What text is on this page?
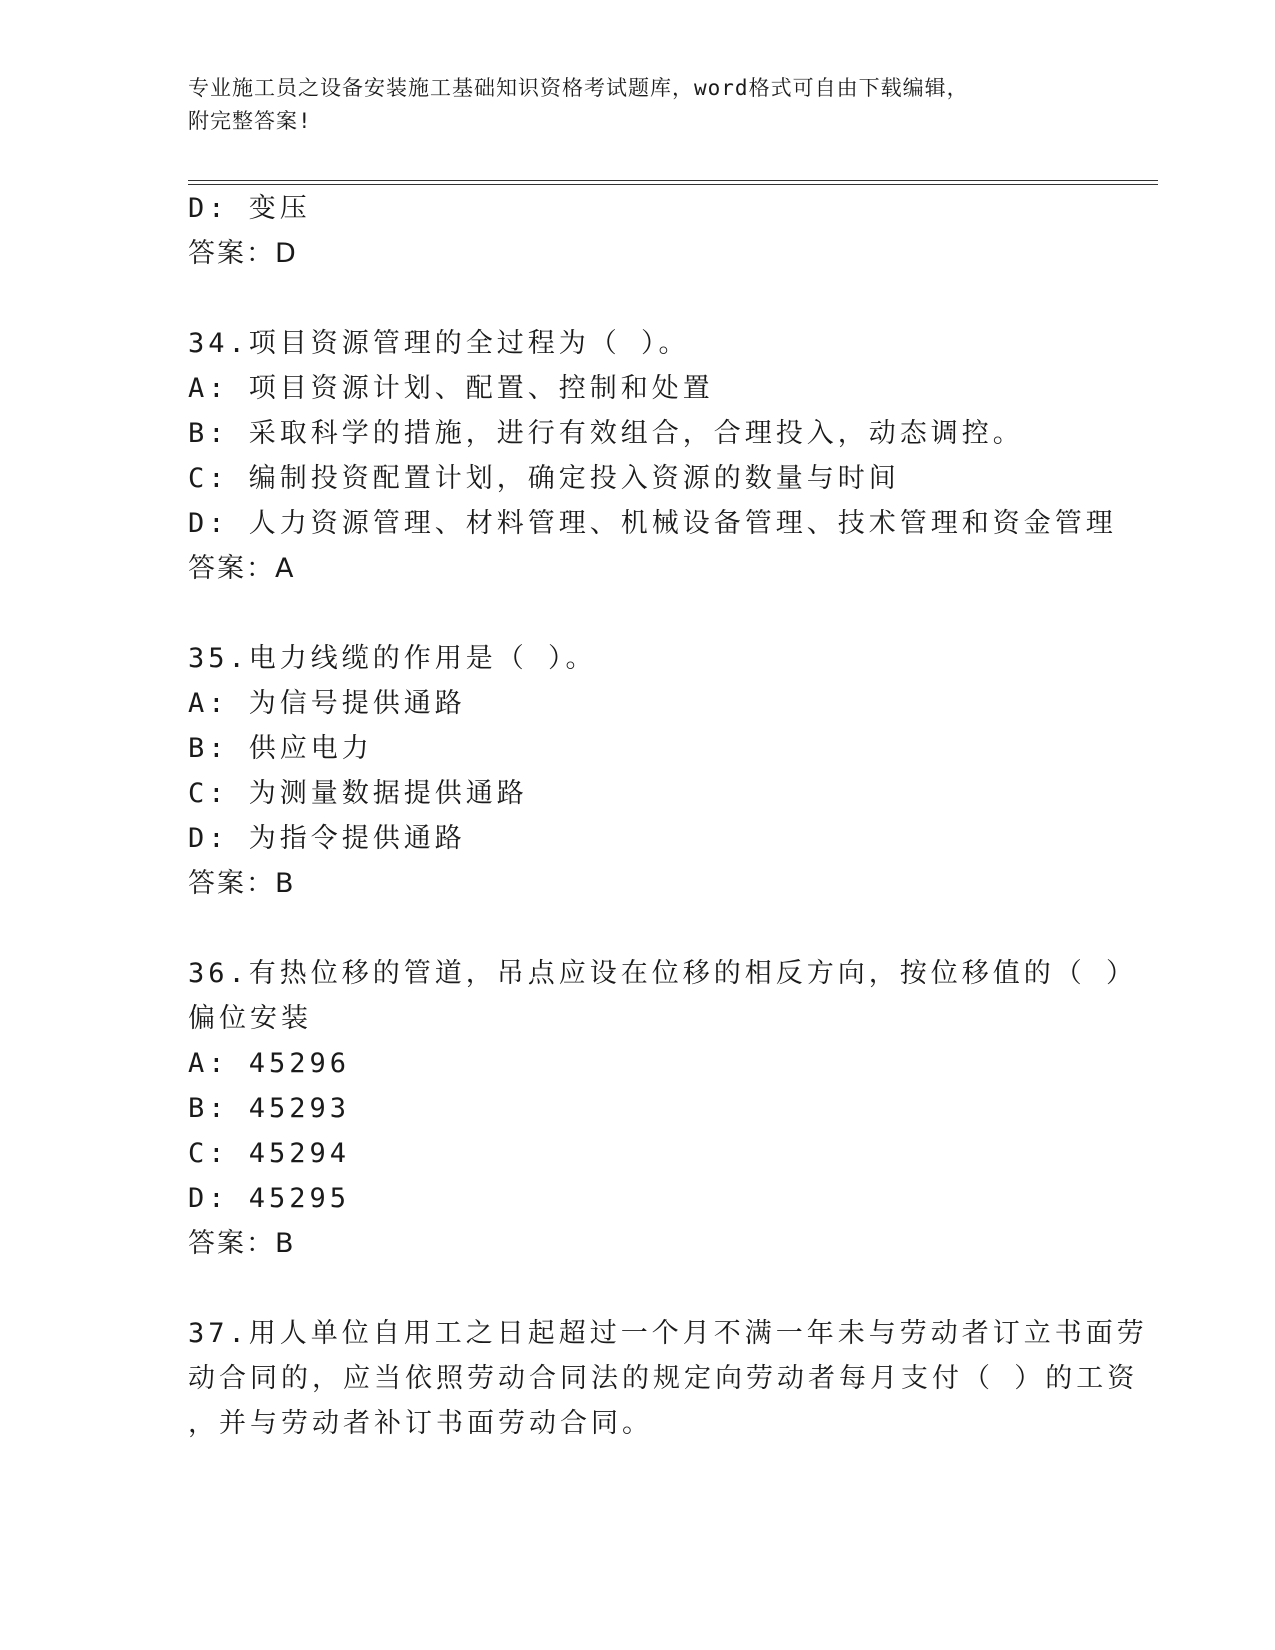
专业施工员之设备安装施工基础知识资格考试题库，word格式可自由下载编辑，
附完整答案!
D: 变压
答案：D
34.项目资源管理的全过程为（ ）。
A: 项目资源计划、配置、控制和处置
B: 采取科学的措施，进行有效组合，合理投入，动态调控。
C: 编制投资配置计划，确定投入资源的数量与时间
D: 人力资源管理、材料管理、机械设备管理、技术管理和资金管理
答案：A
35.电力线缆的作用是（ ）。
A: 为信号提供通路
B: 供应电力
C: 为测量数据提供通路
D: 为指令提供通路
答案：B
36.有热位移的管道，吊点应设在位移的相反方向，按位移值的（ ）
偏位安装
A: 45296
B: 45293
C: 45294
D: 45295
答案：B
37.用人单位自用工之日起超过一个月不满一年未与劳动者订立书面劳
动合同的，应当依照劳动合同法的规定向劳动者每月支付（ ）的工资
，并与劳动者补订书面劳动合同。
